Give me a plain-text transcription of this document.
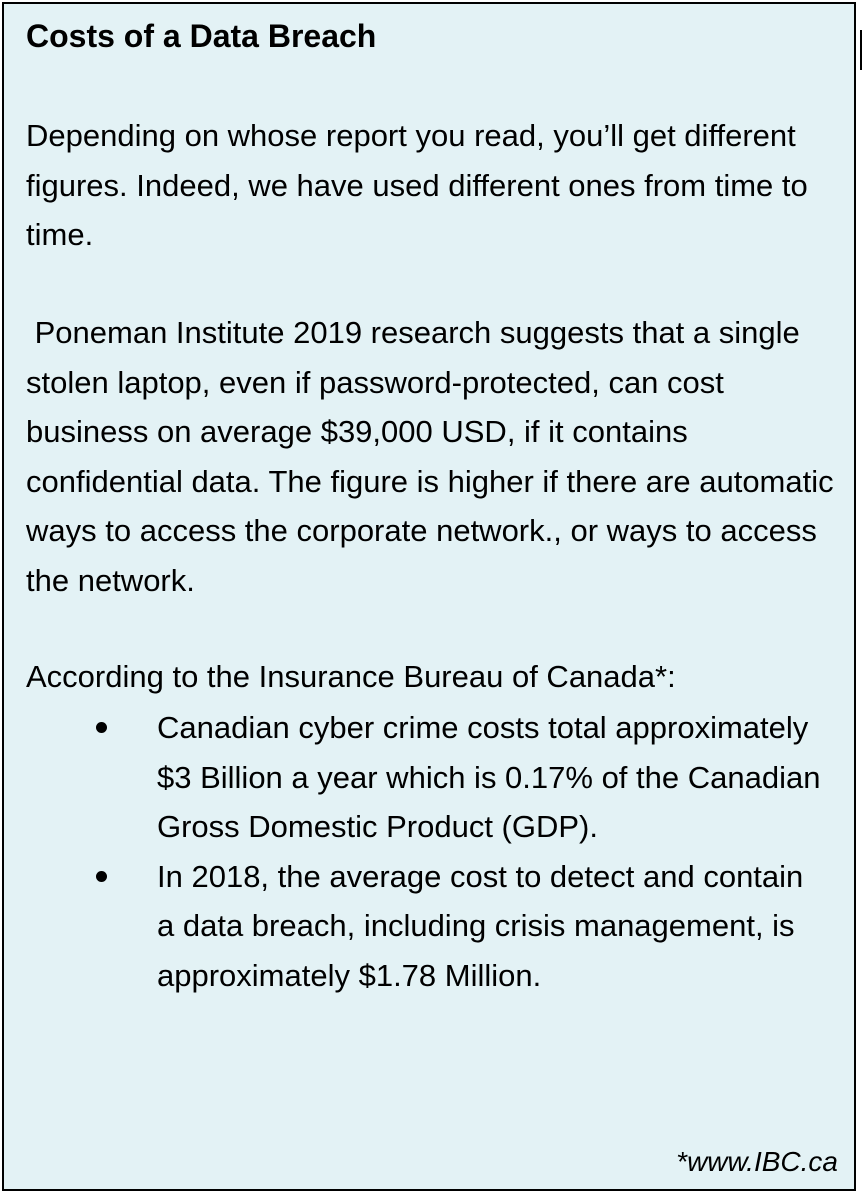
Costs of a Data Breach

Depending on whose report you read, you’ll get different figures. Indeed, we have used different ones from time to time.

Poneman Institute 2019 research suggests that a single stolen laptop, even if password-protected, can cost business on average $39,000 USD, if it contains confidential data. The figure is higher if there are automatic ways to access the corporate network., or ways to access the network.

According to the Insurance Bureau of Canada*:

Canadian cyber crime costs total approximately $3 Billion a year which is 0.17% of the Canadian Gross Domestic Product (GDP).
In 2018, the average cost to detect and contain a data breach, including crisis management, is approximately $1.78 Million.
*www.IBC.ca
